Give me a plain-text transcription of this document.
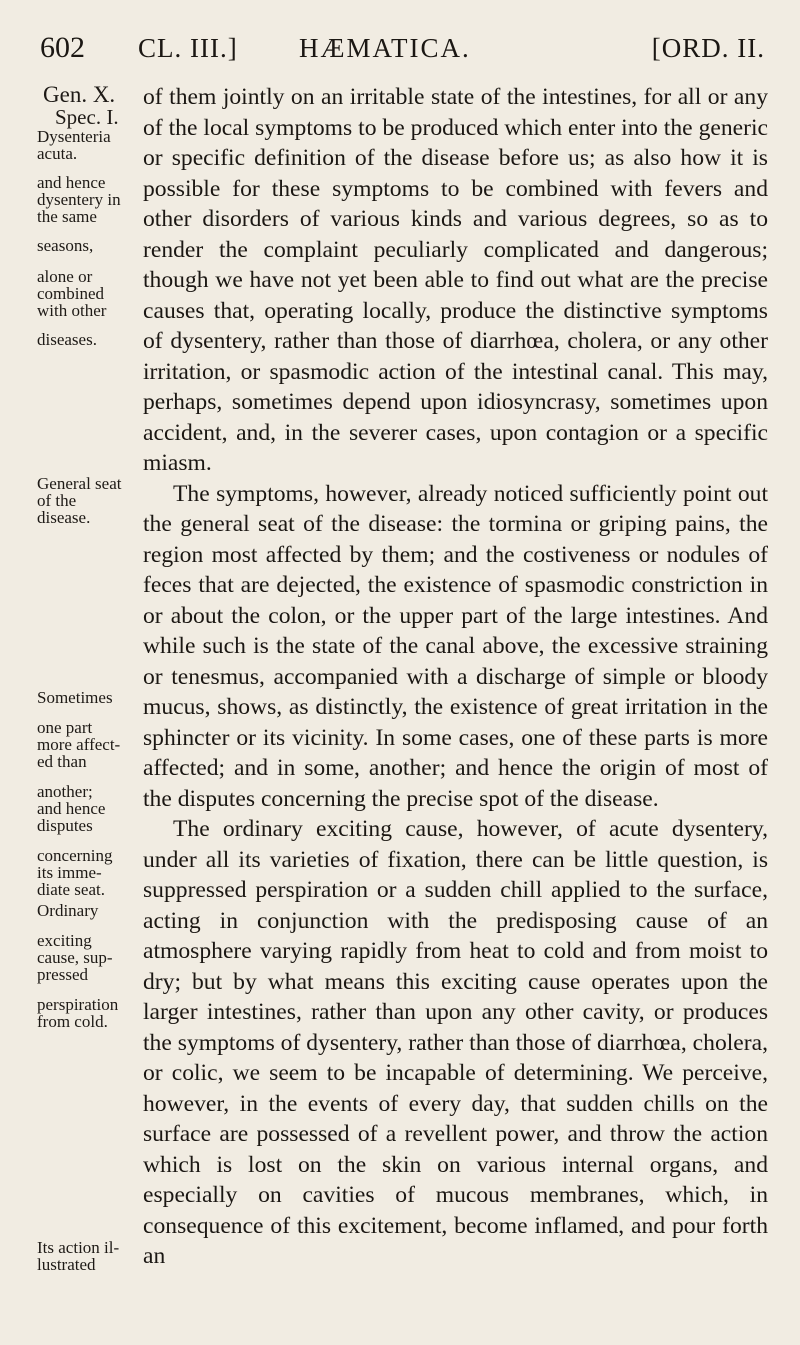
602 CL. III.] HÆMATICA.	[ORD. II.
Gen. X.
Spec. I.
Dysenteria
acuta.
and hence
dysentery in
the same
seasons,
alone or
combined
with other
diseases.
General seat
of the
disease.
Sometimes
one part
more affect-
ed than
another;
and hence
disputes
concerning
its imme-
diate seat.
Ordinary
exciting
cause, sup-
pressed
perspiration
from cold.
Its action il-
lustrated

of them jointly on an irritable state of the intestines, for all or any of the local symptoms to be produced which enter into the generic or specific definition of the disease before us; as also how it is possible for these symptoms to be combined with fevers and other disorders of various kinds and various degrees, so as to render the complaint peculiarly complicated and dangerous; though we have not yet been able to find out what are the precise causes that, operating locally, produce the distinctive symptoms of dysentery, rather than those of diarrhœa, cholera, or any other irritation, or spasmodic action of the intestinal canal. This may, perhaps, sometimes depend upon idiosyncrasy, sometimes upon accident, and, in the severer cases, upon contagion or a specific miasm.

The symptoms, however, already noticed sufficiently point out the general seat of the disease: the tormina or griping pains, the region most affected by them; and the costiveness or nodules of feces that are dejected, the existence of spasmodic constriction in or about the colon, or the upper part of the large intestines. And while such is the state of the canal above, the excessive straining or tenesmus, accompanied with a discharge of simple or bloody mucus, shows, as distinctly, the existence of great irritation in the sphincter or its vicinity. In some cases, one of these parts is more affected; and in some, another; and hence the origin of most of the disputes concerning the precise spot of the disease.

The ordinary exciting cause, however, of acute dysentery, under all its varieties of fixation, there can be little question, is suppressed perspiration or a sudden chill applied to the surface, acting in conjunction with the predisposing cause of an atmosphere varying rapidly from heat to cold and from moist to dry; but by what means this exciting cause operates upon the larger intestines, rather than upon any other cavity, or produces the symptoms of dysentery, rather than those of diarrhœa, cholera, or colic, we seem to be incapable of determining. We perceive, however, in the events of every day, that sudden chills on the surface are possessed of a revellent power, and throw the action which is lost on the skin on various internal organs, and especially on cavities of mucous membranes, which, in consequence of this excitement, become inflamed, and pour forth an
